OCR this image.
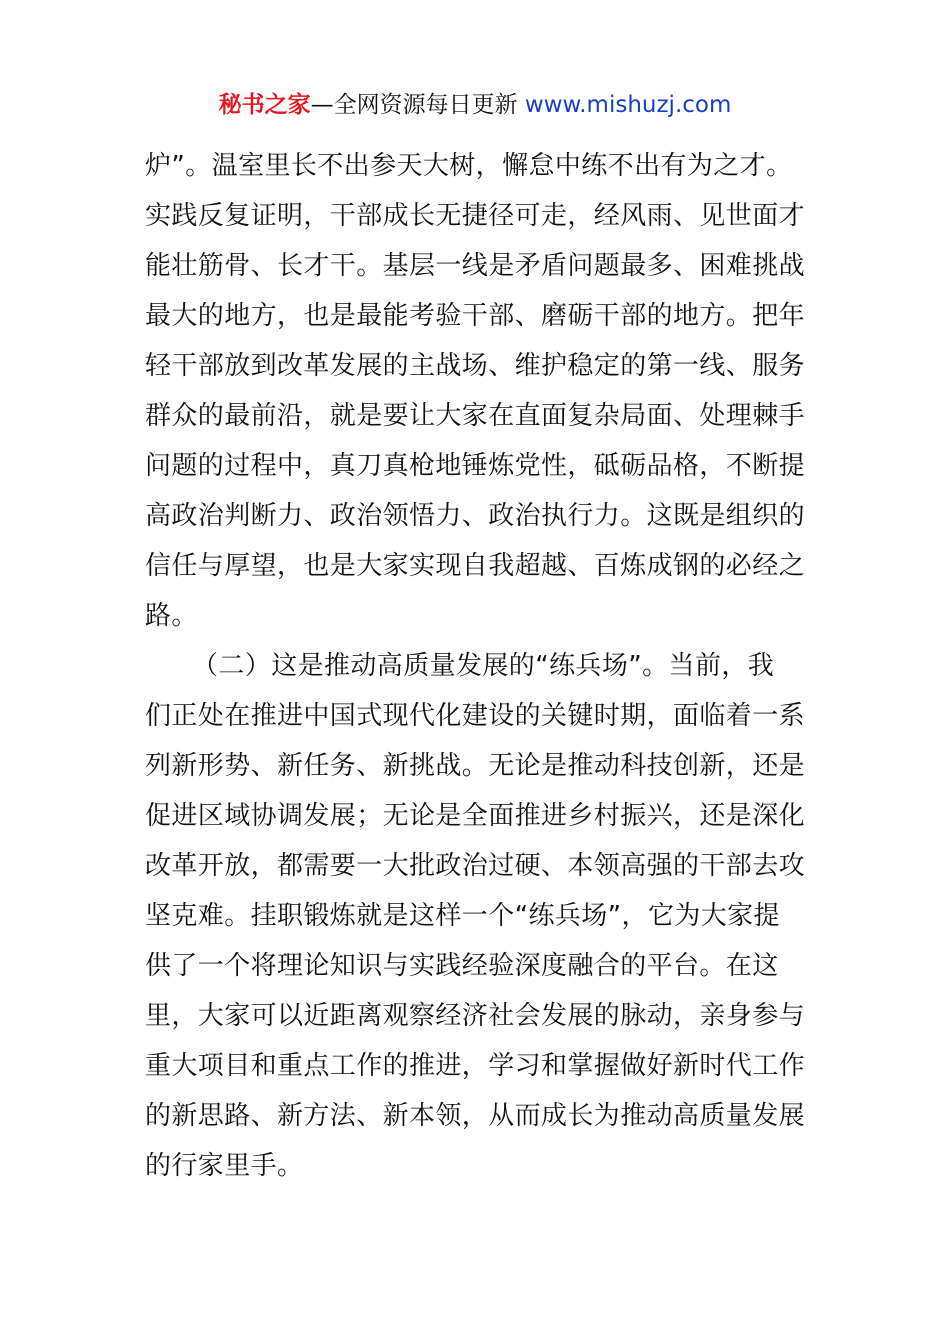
秘书之家—全网资源每日更新 www.mishuzj.com
炉”。温室里长不出参天大树，懈怠中练不出有为之才。
实践反复证明，干部成长无捷径可走，经风雨、见世面才
能壮筋骨、长才干。基层一线是矛盾问题最多、困难挑战
最大的地方，也是最能考验干部、磨砺干部的地方。把年
轻干部放到改革发展的主战场、维护稳定的第一线、服务
群众的最前沿，就是要让大家在直面复杂局面、处理棘手
问题的过程中，真刀真枪地锤炼党性，砥砺品格，不断提
高政治判断力、政治领悟力、政治执行力。这既是组织的
信任与厚望，也是大家实现自我超越、百炼成钢的必经之
路。
（二）这是推动高质量发展的“练兵场”。当前，我
们正处在推进中国式现代化建设的关键时期，面临着一系
列新形势、新任务、新挑战。无论是推动科技创新，还是
促进区域协调发展；无论是全面推进乡村振兴，还是深化
改革开放，都需要一大批政治过硬、本领高强的干部去攻
坚克难。挂职锻炼就是这样一个“练兵场”，它为大家提
供了一个将理论知识与实践经验深度融合的平台。在这
里，大家可以近距离观察经济社会发展的脉动，亲身参与
重大项目和重点工作的推进，学习和掌握做好新时代工作
的新思路、新方法、新本领，从而成长为推动高质量发展
的行家里手。
